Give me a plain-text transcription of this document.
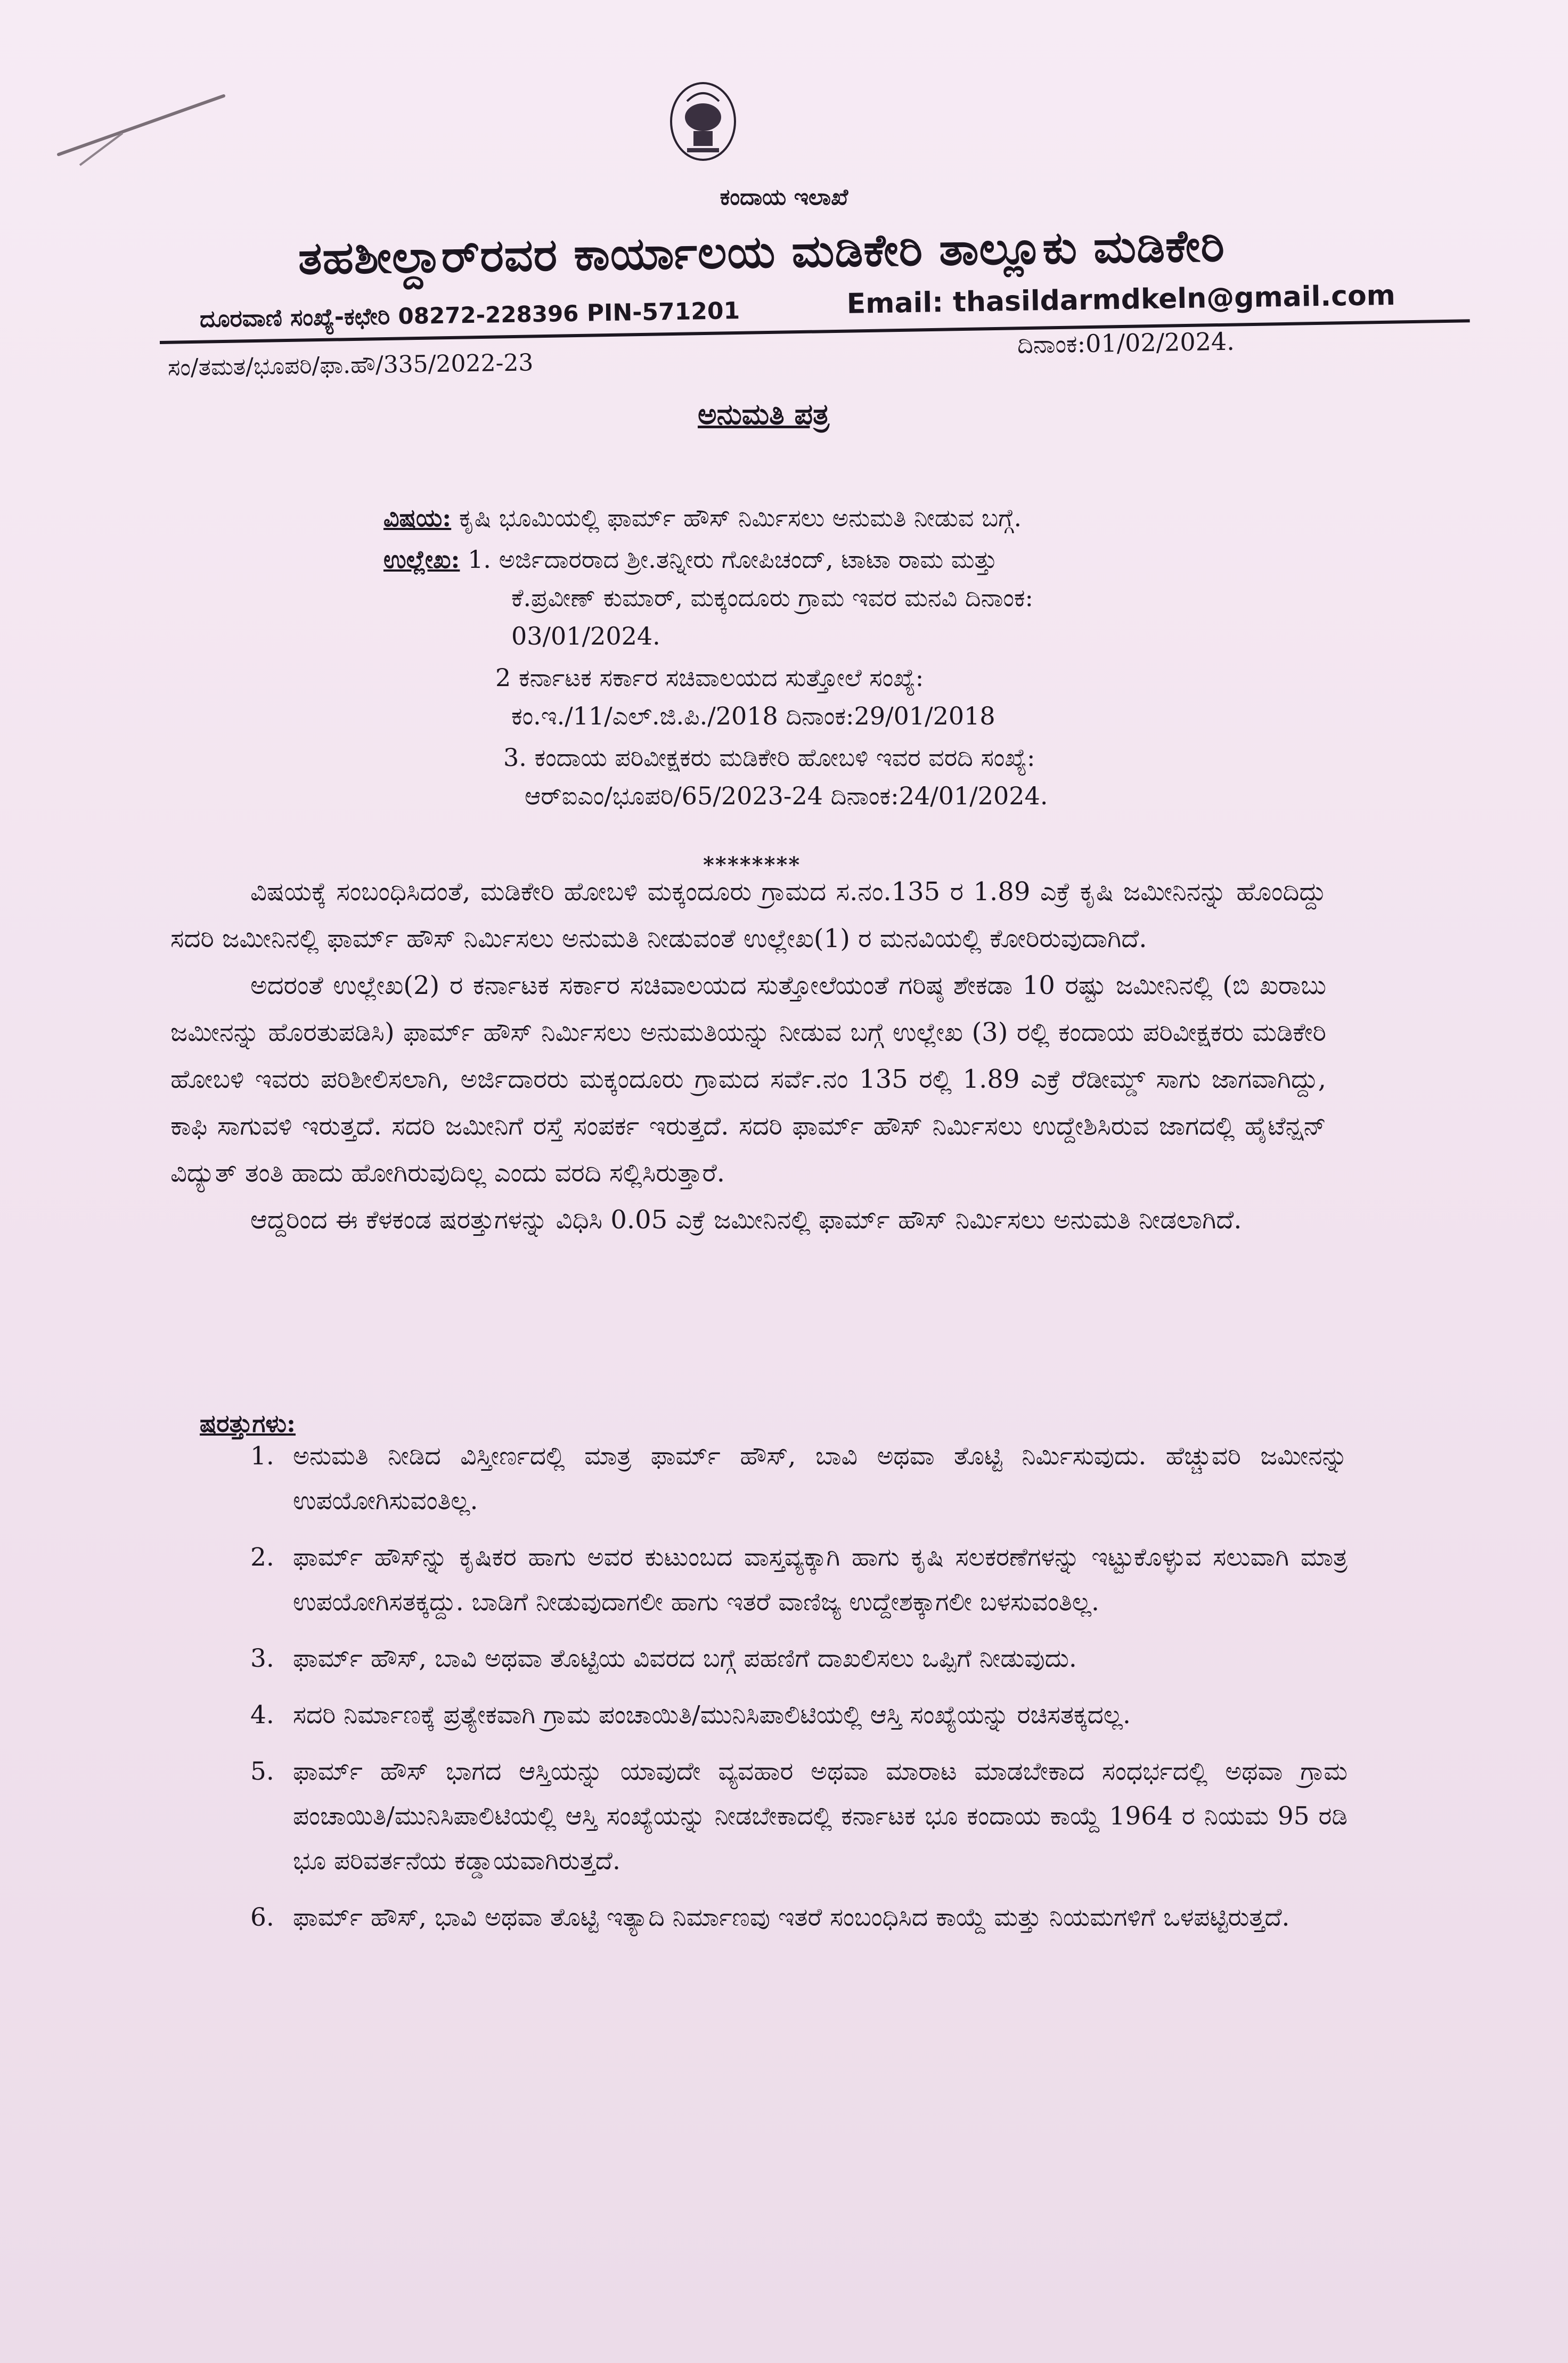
ಕಂದಾಯ ಇಲಾಖೆ
ತಹಶೀಲ್ದಾರ್‌ರವರ ಕಾರ್ಯಾಲಯ ಮಡಿಕೇರಿ ತಾಲ್ಲೂಕು ಮಡಿಕೇರಿ
ದೂರವಾಣಿ ಸಂಖ್ಯೆ-ಕಛೇರಿ 08272-228396 PIN-571201	Email: thasildarmdkeln@gmail.com
ಸಂ/ತಮತ/ಭೂಪರಿ/ಫಾ.ಹೌ/335/2022-23
ದಿನಾಂಕ:01/02/2024.
ಅನುಮತಿ ಪತ್ರ
ವಿಷಯ: ಕೃಷಿ ಭೂಮಿಯಲ್ಲಿ ಫಾರ್ಮ್ ಹೌಸ್ ನಿರ್ಮಿಸಲು ಅನುಮತಿ ನೀಡುವ ಬಗ್ಗೆ.
ಉಲ್ಲೇಖ: 1. ಅರ್ಜಿದಾರರಾದ ಶ್ರೀ.ತನ್ನೀರು ಗೋಪಿಚಂದ್, ಟಾಟಾ ರಾಮ ಮತ್ತು
ಕೆ.ಪ್ರವೀಣ್ ಕುಮಾರ್, ಮಕ್ಕಂದೂರು ಗ್ರಾಮ ಇವರ ಮನವಿ ದಿನಾಂಕ:
03/01/2024.
2 ಕರ್ನಾಟಕ ಸರ್ಕಾರ ಸಚಿವಾಲಯದ ಸುತ್ತೋಲೆ ಸಂಖ್ಯೆ:
ಕಂ.ಇ./11/ಎಲ್.ಜಿ.ಪಿ./2018 ದಿನಾಂಕ:29/01/2018
3. ಕಂದಾಯ ಪರಿವೀಕ್ಷಕರು ಮಡಿಕೇರಿ ಹೋಬಳಿ ಇವರ ವರದಿ ಸಂಖ್ಯೆ:
ಆರ್‌ಐಎಂ/ಭೂಪರಿ/65/2023-24 ದಿನಾಂಕ:24/01/2024.
********

ವಿಷಯಕ್ಕೆ ಸಂಬಂಧಿಸಿದಂತೆ, ಮಡಿಕೇರಿ ಹೋಬಳಿ ಮಕ್ಕಂದೂರು ಗ್ರಾಮದ ಸ.ನಂ.135 ರ 1.89 ಎಕ್ರೆ ಕೃಷಿ ಜಮೀನಿನನ್ನು ಹೊಂದಿದ್ದು ಸದರಿ ಜಮೀನಿನಲ್ಲಿ ಫಾರ್ಮ್ ಹೌಸ್ ನಿರ್ಮಿಸಲು ಅನುಮತಿ ನೀಡುವಂತೆ ಉಲ್ಲೇಖ(1) ರ ಮನವಿಯಲ್ಲಿ ಕೋರಿರುವುದಾಗಿದೆ.

ಅದರಂತೆ ಉಲ್ಲೇಖ(2) ರ ಕರ್ನಾಟಕ ಸರ್ಕಾರ ಸಚಿವಾಲಯದ ಸುತ್ತೋಲೆಯಂತೆ ಗರಿಷ್ಠ ಶೇಕಡಾ 10 ರಷ್ಟು ಜಮೀನಿನಲ್ಲಿ (ಬಿ ಖರಾಬು ಜಮೀನನ್ನು ಹೊರತುಪಡಿಸಿ) ಫಾರ್ಮ್ ಹೌಸ್ ನಿರ್ಮಿಸಲು ಅನುಮತಿಯನ್ನು ನೀಡುವ ಬಗ್ಗೆ ಉಲ್ಲೇಖ (3) ರಲ್ಲಿ ಕಂದಾಯ ಪರಿವೀಕ್ಷಕರು ಮಡಿಕೇರಿ ಹೋಬಳಿ ಇವರು ಪರಿಶೀಲಿಸಲಾಗಿ, ಅರ್ಜಿದಾರರು ಮಕ್ಕಂದೂರು ಗ್ರಾಮದ ಸರ್ವೆ.ನಂ 135 ರಲ್ಲಿ 1.89 ಎಕ್ರೆ ರೆಡೀಮ್ಡ್ ಸಾಗು ಜಾಗವಾಗಿದ್ದು, ಕಾಫಿ ಸಾಗುವಳಿ ಇರುತ್ತದೆ. ಸದರಿ ಜಮೀನಿಗೆ ರಸ್ತೆ ಸಂಪರ್ಕ ಇರುತ್ತದೆ. ಸದರಿ ಫಾರ್ಮ್ ಹೌಸ್ ನಿರ್ಮಿಸಲು ಉದ್ದೇಶಿಸಿರುವ ಜಾಗದಲ್ಲಿ ಹೈಟೆನ್ಷನ್ ವಿದ್ಯುತ್ ತಂತಿ ಹಾದು ಹೋಗಿರುವುದಿಲ್ಲ ಎಂದು ವರದಿ ಸಲ್ಲಿಸಿರುತ್ತಾರೆ.

ಆದ್ದರಿಂದ ಈ ಕೆಳಕಂಡ ಷರತ್ತುಗಳನ್ನು ವಿಧಿಸಿ 0.05 ಎಕ್ರೆ ಜಮೀನಿನಲ್ಲಿ ಫಾರ್ಮ್ ಹೌಸ್ ನಿರ್ಮಿಸಲು ಅನುಮತಿ ನೀಡಲಾಗಿದೆ.

ಷರತ್ತುಗಳು:
1. ಅನುಮತಿ ನೀಡಿದ ವಿಸ್ತೀರ್ಣದಲ್ಲಿ ಮಾತ್ರ ಫಾರ್ಮ್ ಹೌಸ್, ಬಾವಿ ಅಥವಾ ತೊಟ್ಟಿ ನಿರ್ಮಿಸುವುದು. ಹೆಚ್ಚುವರಿ ಜಮೀನನ್ನು ಉಪಯೋಗಿಸುವಂತಿಲ್ಲ.
2. ಫಾರ್ಮ್ ಹೌಸ್‌ನ್ನು ಕೃಷಿಕರ ಹಾಗು ಅವರ ಕುಟುಂಬದ ವಾಸ್ತವ್ಯಕ್ಕಾಗಿ ಹಾಗು ಕೃಷಿ ಸಲಕರಣೆಗಳನ್ನು ಇಟ್ಟುಕೊಳ್ಳುವ ಸಲುವಾಗಿ ಮಾತ್ರ ಉಪಯೋಗಿಸತಕ್ಕದ್ದು. ಬಾಡಿಗೆ ನೀಡುವುದಾಗಲೀ ಹಾಗು ಇತರೆ ವಾಣಿಜ್ಯ ಉದ್ದೇಶಕ್ಕಾಗಲೀ ಬಳಸುವಂತಿಲ್ಲ.
3. ಫಾರ್ಮ್ ಹೌಸ್, ಬಾವಿ ಅಥವಾ ತೊಟ್ಟಿಯ ವಿವರದ ಬಗ್ಗೆ ಪಹಣಿಗೆ ದಾಖಲಿಸಲು ಒಪ್ಪಿಗೆ ನೀಡುವುದು.
4. ಸದರಿ ನಿರ್ಮಾಣಕ್ಕೆ ಪ್ರತ್ಯೇಕವಾಗಿ ಗ್ರಾಮ ಪಂಚಾಯಿತಿ/ಮುನಿಸಿಪಾಲಿಟಿಯಲ್ಲಿ ಆಸ್ತಿ ಸಂಖ್ಯೆಯನ್ನು ರಚಿಸತಕ್ಕದಲ್ಲ.
5. ಫಾರ್ಮ್ ಹೌಸ್ ಭಾಗದ ಆಸ್ತಿಯನ್ನು ಯಾವುದೇ ವ್ಯವಹಾರ ಅಥವಾ ಮಾರಾಟ ಮಾಡಬೇಕಾದ ಸಂಧರ್ಭದಲ್ಲಿ ಅಥವಾ ಗ್ರಾಮ ಪಂಚಾಯಿತಿ/ಮುನಿಸಿಪಾಲಿಟಿಯಲ್ಲಿ ಆಸ್ತಿ ಸಂಖ್ಯೆಯನ್ನು ನೀಡಬೇಕಾದಲ್ಲಿ ಕರ್ನಾಟಕ ಭೂ ಕಂದಾಯ ಕಾಯ್ದೆ 1964 ರ ನಿಯಮ 95 ರಡಿ ಭೂ ಪರಿವರ್ತನೆಯ ಕಡ್ಡಾಯವಾಗಿರುತ್ತದೆ.
6. ಫಾರ್ಮ್ ಹೌಸ್, ಭಾವಿ ಅಥವಾ ತೊಟ್ಟಿ ಇತ್ಯಾದಿ ನಿರ್ಮಾಣವು ಇತರೆ ಸಂಬಂಧಿಸಿದ ಕಾಯ್ದೆ ಮತ್ತು ನಿಯಮಗಳಿಗೆ ಒಳಪಟ್ಟಿರುತ್ತದೆ.
